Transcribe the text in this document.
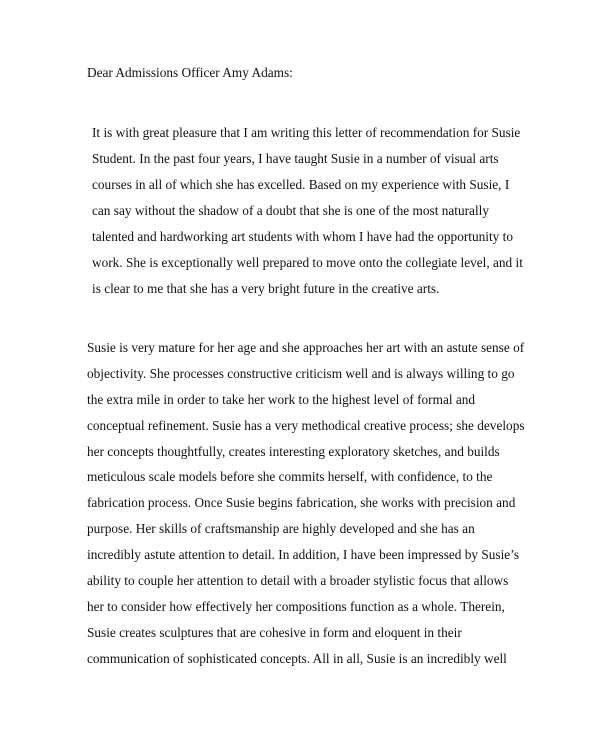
Dear Admissions Officer Amy Adams:
It is with great pleasure that I am writing this letter of recommendation for Susie
Student. In the past four years, I have taught Susie in a number of visual arts
courses in all of which she has excelled. Based on my experience with Susie, I
can say without the shadow of a doubt that she is one of the most naturally
talented and hardworking art students with whom I have had the opportunity to
work. She is exceptionally well prepared to move onto the collegiate level, and it
is clear to me that she has a very bright future in the creative arts.
Susie is very mature for her age and she approaches her art with an astute sense of
objectivity. She processes constructive criticism well and is always willing to go
the extra mile in order to take her work to the highest level of formal and
conceptual refinement. Susie has a very methodical creative process; she develops
her concepts thoughtfully, creates interesting exploratory sketches, and builds
meticulous scale models before she commits herself, with confidence, to the
fabrication process. Once Susie begins fabrication, she works with precision and
purpose. Her skills of craftsmanship are highly developed and she has an
incredibly astute attention to detail. In addition, I have been impressed by Susie’s
ability to couple her attention to detail with a broader stylistic focus that allows
her to consider how effectively her compositions function as a whole. Therein,
Susie creates sculptures that are cohesive in form and eloquent in their
communication of sophisticated concepts. All in all, Susie is an incredibly well
